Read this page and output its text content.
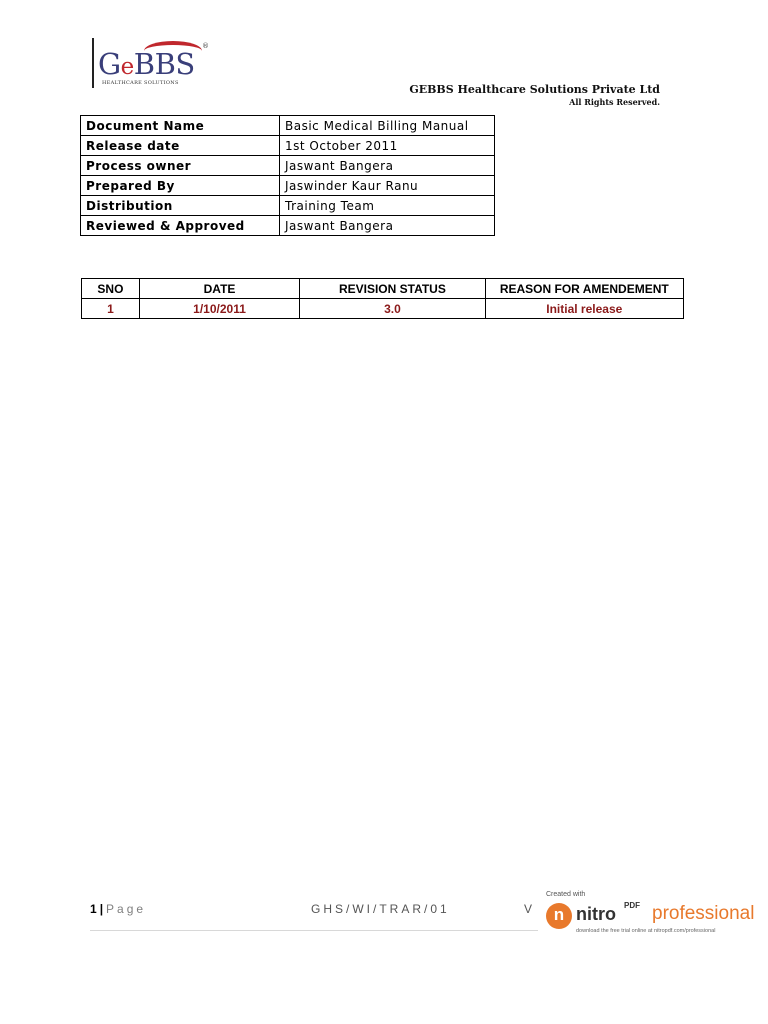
GeBBS
®
HEALTHCARE SOLUTIONS	GEBBS Healthcare Solutions Private Ltd
All Rights Reserved.
Document Name	Basic Medical Billing Manual
Release date	1st October 2011
Process owner	Jaswant Bangera
Prepared By	Jaswinder Kaur Ranu
Distribution	Training Team
Reviewed & Approved	Jaswant Bangera
SNO	DATE	REVISION STATUS	REASON FOR AMENDEMENT
1	1/10/2011	3.0	Initial release
1 | Page	GHS/WI/TRAR/01	V
Created with
n nitro PDF professional
download the free trial online at nitropdf.com/professional
